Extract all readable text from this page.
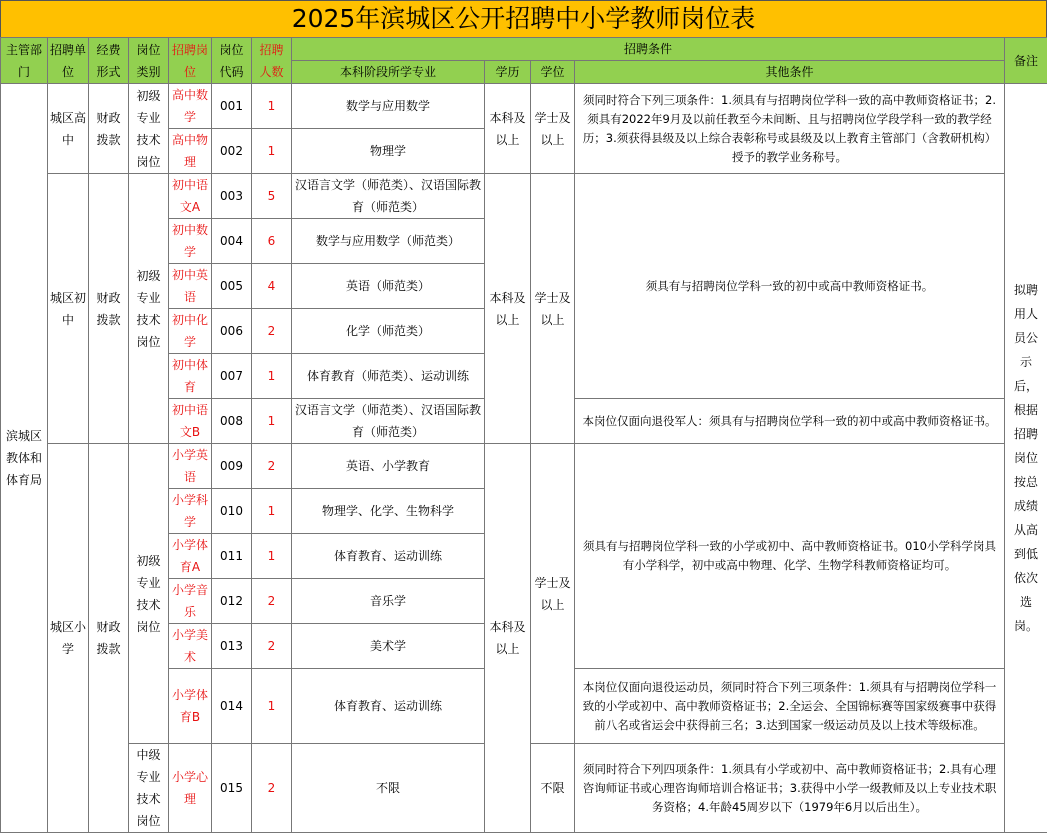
2025年滨城区公开招聘中小学教师岗位表
主管部门	招聘单位	经费形式	岗位类别	招聘岗位	岗位代码	招聘人数	招聘条件				备注
							本科阶段所学专业	学历	学位	其他条件	
滨城区教体和体育局	城区高中	财政拨款	初级专业技术岗位	高中数学	001	1	数学与应用数学	本科及以上	学士及以上	须同时符合下列三项条件：1.须具有与招聘岗位学科一致的高中教师资格证书；2.须具有2022年9月及以前任教至今未间断、且与招聘岗位学段学科一致的教学经历；3.须获得县级及以上综合表彰称号或县级及以上教育主管部门（含教研机构）授予的教学业务称号。	拟聘用人员公示后，根据招聘岗位按总成绩从高到低依次选岗。
				高中物理	002	1	物理学				
	城区初中	财政拨款	初级专业技术岗位	初中语文A	003	5	汉语言文学（师范类）、汉语国际教育（师范类）	本科及以上	学士及以上	须具有与招聘岗位学科一致的初中或高中教师资格证书。	
				初中数学	004	6	数学与应用数学（师范类）				
				初中英语	005	4	英语（师范类）				
				初中化学	006	2	化学（师范类）				
				初中体育	007	1	体育教育（师范类）、运动训练				
				初中语文B	008	1	汉语言文学（师范类）、汉语国际教育（师范类）			本岗位仅面向退役军人：须具有与招聘岗位学科一致的初中或高中教师资格证书。	
	城区小学	财政拨款	初级专业技术岗位	小学英语	009	2	英语、小学教育	本科及以上	学士及以上	须具有与招聘岗位学科一致的小学或初中、高中教师资格证书。010小学科学岗具有小学科学，初中或高中物理、化学、生物学科教师资格证均可。	
				小学科学	010	1	物理学、化学、生物科学				
				小学体育A	011	1	体育教育、运动训练				
				小学音乐	012	2	音乐学				
				小学美术	013	2	美术学				
				小学体育B	014	1	体育教育、运动训练			本岗位仅面向退役运动员，须同时符合下列三项条件：1.须具有与招聘岗位学科一致的小学或初中、高中教师资格证书；2.全运会、全国锦标赛等国家级赛事中获得前八名或省运会中获得前三名；3.达到国家一级运动员及以上技术等级标准。	
			中级专业技术岗位	小学心理	015	2	不限		不限	须同时符合下列四项条件：1.须具有小学或初中、高中教师资格证书；2.具有心理咨询师证书或心理咨询师培训合格证书；3.获得中小学一级教师及以上专业技术职务资格；4.年龄45周岁以下（1979年6月以后出生）。	
